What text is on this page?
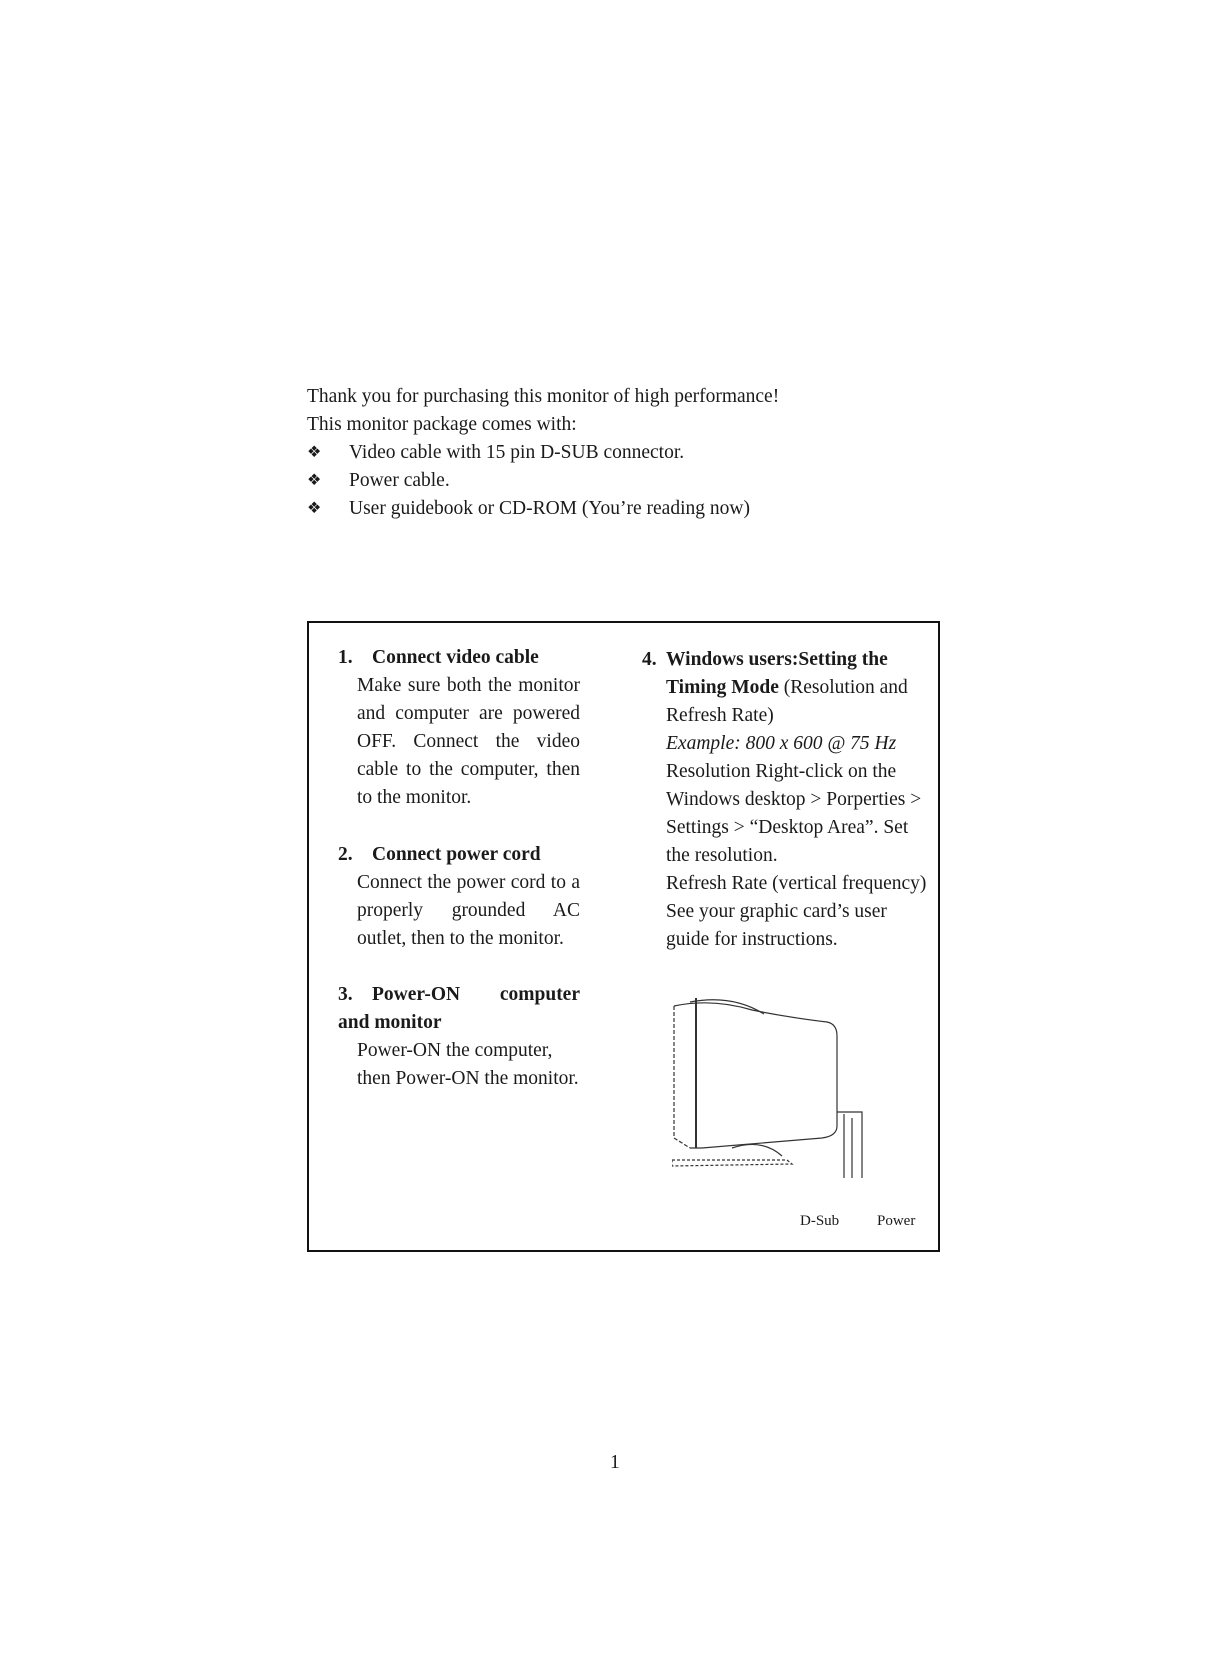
Thank you for purchasing this monitor of high performance!

This monitor package comes with:

❖ Video cable with 15 pin D-SUB connector.
❖ Power cable.
❖ User guidebook or CD-ROM (You’re reading now)
1. Connect video cable
Make sure both the monitor and computer are powered OFF. Connect the video cable to the computer, then to the monitor.
2. Connect power cord
Connect the power cord to a properly grounded AC outlet, then to the monitor.
3. Power-ON computer and monitor
Power-ON the computer, then Power-ON the monitor.
4. Windows users:Setting the
Timing Mode (Resolution and
Refresh Rate)
Example: 800 x 600 @ 75 Hz
Resolution Right-click on the
Windows desktop > Porperties >
Settings > “Desktop Area”. Set
the resolution.
Refresh Rate (vertical frequency)
See your graphic card’s user
guide for instructions.
D-Sub	Power
1
